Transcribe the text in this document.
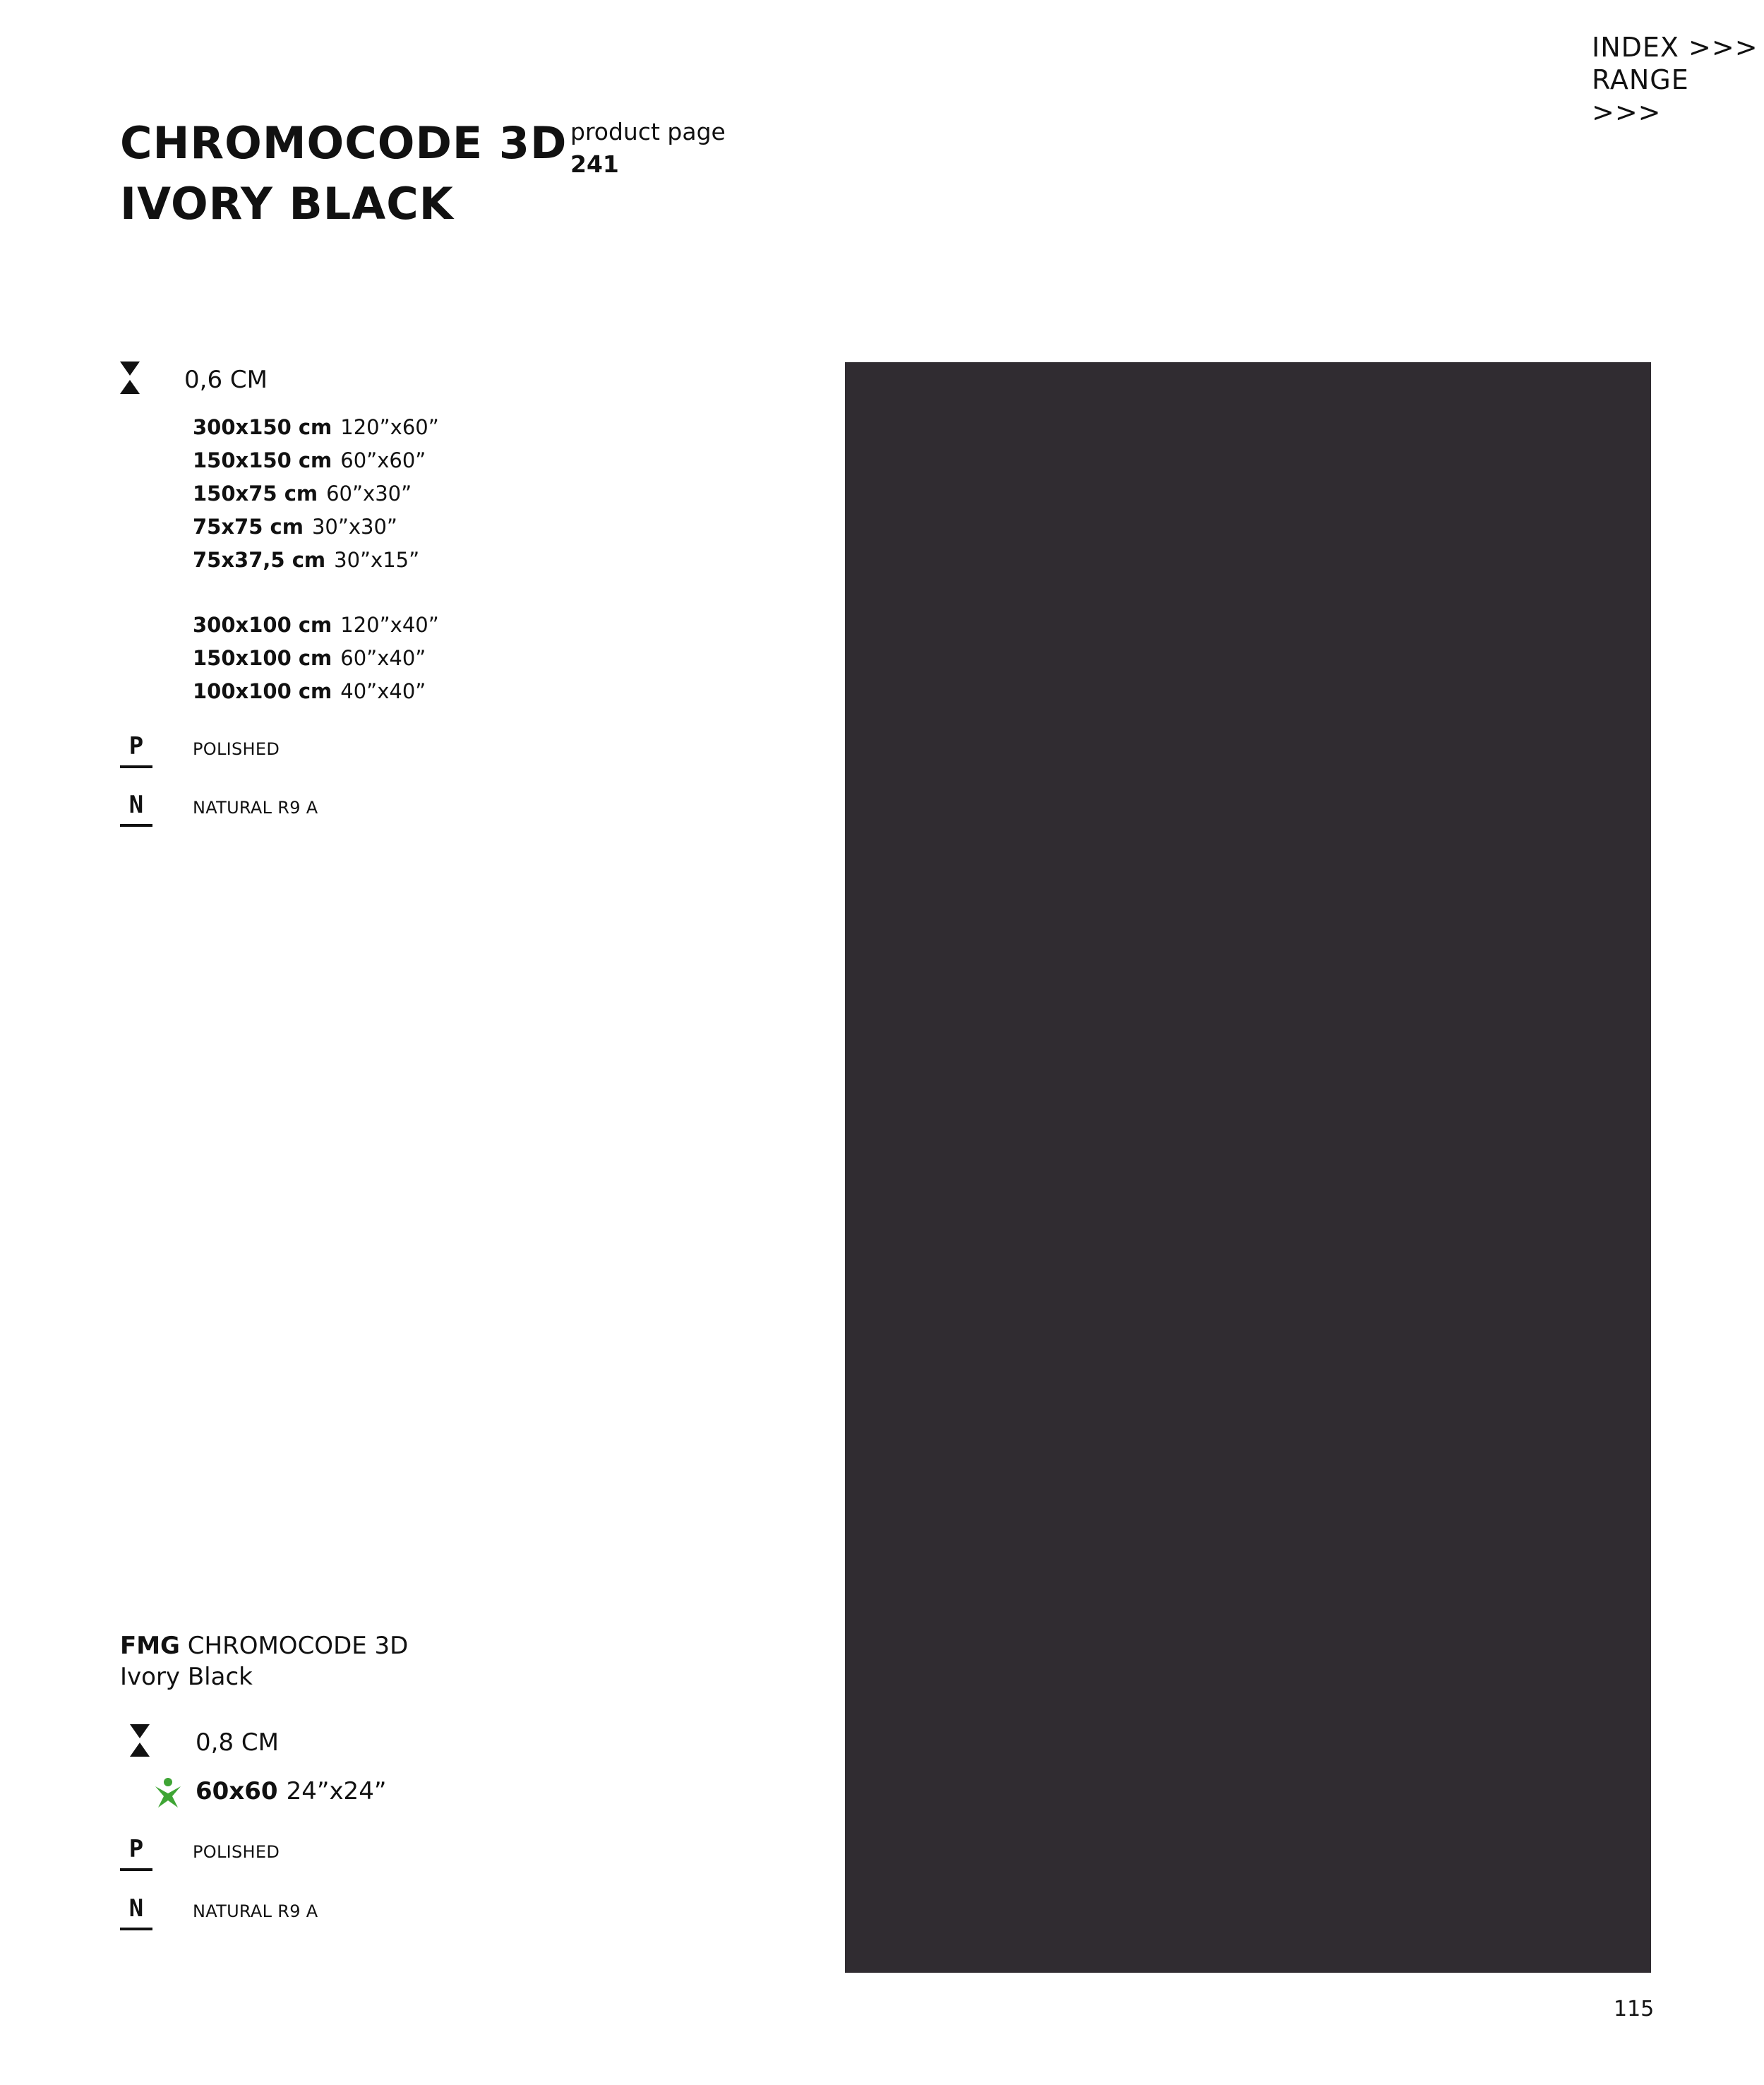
INDEX >>>
RANGE >>>
CHROMOCODE 3D
IVORY BLACK
product page
241
0,6 CM
300x150 cm 120”x60”
150x150 cm 60”x60”
150x75 cm 60”x30”
75x75 cm 30”x30”
75x37,5 cm 30”x15”
300x100 cm 120”x40”
150x100 cm 60”x40”
100x100 cm 40”x40”
P	POLISHED
N	NATURAL R9 A
FMG CHROMOCODE 3D
Ivory Black
0,8 CM
60x60 24”x24”
P	POLISHED
N	NATURAL R9 A
115
